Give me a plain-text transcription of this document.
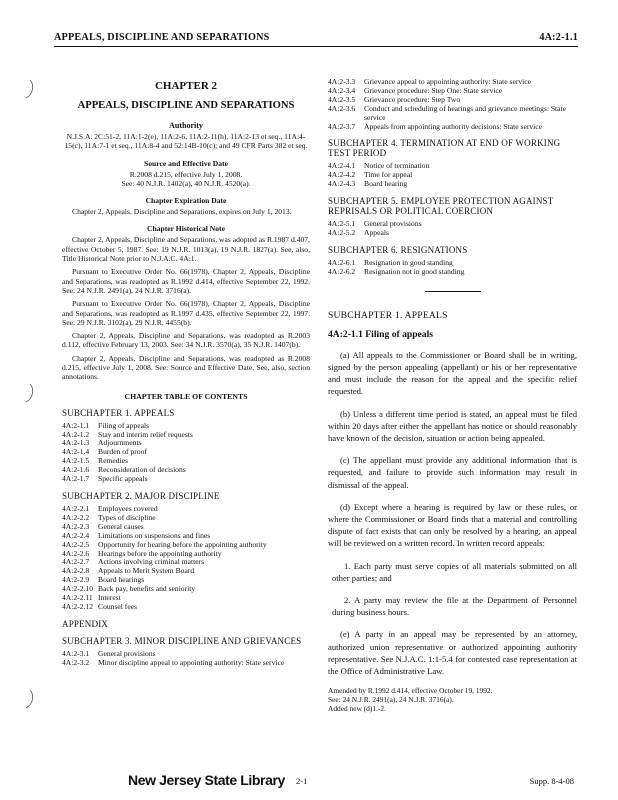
APPEALS, DISCIPLINE AND SEPARATIONS	4A:2-1.1
CHAPTER 2
APPEALS, DISCIPLINE AND SEPARATIONS
Authority
N.J.S.A. 2C:51-2, 11A:1-2(e), 11A:2-6, 11A:2-11(h), 11A:2-13 et seq., 11A:4-15(c), 11A:7-1 et seq., 11A:8-4 and 52:14B-10(c); and 49 CFR Parts 382 et seq.
Source and Effective Date
R.2008 d.215, effective July 1, 2008.
See: 40 N.J.R. 1402(a), 40 N.J.R. 4520(a).
Chapter Expiration Date
Chapter 2, Appeals, Discipline and Separations, expires on July 1, 2013.
Chapter Historical Note
Chapter 2, Appeals, Discipline and Separations, was adopted as R.1987 d.407, effective October 5, 1987. See: 19 N.J.R. 1013(a), 19 N.J.R. 1827(a). See, also, Title Historical Note prior to N.J.A.C. 4A:1.
Pursuant to Executive Order No. 66(1978), Chapter 2, Appeals, Discipline and Separations, was readopted as R.1992 d.414, effective September 22, 1992. See: 24 N.J.R. 2491(a), 24 N.J.R. 3716(a).
Pursuant to Executive Order No. 66(1978), Chapter 2, Appeals, Discipline and Separations, was readopted as R.1997 d.435, effective September 22, 1997. See: 29 N.J.R. 3102(a), 29 N.J.R. 4455(b).
Chapter 2, Appeals, Discipline and Separations, was readopted as R.2003 d.112, effective February 13, 2003. See: 34 N.J.R. 3570(a), 35 N.J.R. 1407(b).
Chapter 2, Appeals, Discipline and Separations, was readopted as R.2008 d.215, effective July 1, 2008. See: Source and Effective Date. See, also, section annotations.
CHAPTER TABLE OF CONTENTS
SUBCHAPTER 1. APPEALS
4A:2-1.1	Filing of appeals
4A:2-1.2	Stay and interim relief requests
4A:2-1.3	Adjournments
4A:2-1.4	Burden of proof
4A:2-1.5	Remedies
4A:2-1.6	Reconsideration of decisions
4A:2-1.7	Specific appeals
SUBCHAPTER 2. MAJOR DISCIPLINE
4A:2-2.1	Employees covered
4A:2-2.2	Types of discipline
4A:2-2.3	General causes
4A:2-2.4	Limitations on suspensions and fines
4A:2-2.5	Opportunity for hearing before the appointing authority
4A:2-2.6	Hearings before the appointing authority
4A:2-2.7	Actions involving criminal matters
4A:2-2.8	Appeals to Merit System Board
4A:2-2.9	Board hearings
4A:2-2.10 Back pay, benefits and seniority
4A:2-2.11 Interest
4A:2-2.12 Counsel fees
APPENDIX
SUBCHAPTER 3. MINOR DISCIPLINE AND GRIEVANCES
4A:2-3.1	General provisions
4A:2-3.2	Minor discipline appeal to appointing authority: State service
4A:2-3.3	Grievance appeal to appointing authority: State service
4A:2-3.4	Grievance procedure: Step One: State service
4A:2-3.5	Grievance procedure: Step Two
4A:2-3.6	Conduct and scheduling of hearings and grievance meetings: State service
4A:2-3.7	Appeals from appointing authority decisions: State service
SUBCHAPTER 4. TERMINATION AT END OF WORKING TEST PERIOD
4A:2-4.1	Notice of termination
4A:2-4.2	Time for appeal
4A:2-4.3	Board hearing
SUBCHAPTER 5. EMPLOYEE PROTECTION AGAINST REPRISALS OR POLITICAL COERCION
4A:2-5.1	General provisions
4A:2-5.2	Appeals
SUBCHAPTER 6. RESIGNATIONS
4A:2-6.1	Resignation in good standing
4A:2-6.2	Resignation not in good standing
SUBCHAPTER 1. APPEALS
4A:2-1.1 Filing of appeals
(a) All appeals to the Commissioner or Board shall be in writing, signed by the person appealing (appellant) or his or her representative and must include the reason for the appeal and the specific relief requested.
(b) Unless a different time period is stated, an appeal must be filed within 20 days after either the appellant has notice or should reasonably have known of the decision, situation or action being appealed.
(c) The appellant must provide any additional information that is requested, and failure to provide such information may result in dismissal of the appeal.
(d) Except where a hearing is required by law or these rules, or where the Commissioner or Board finds that a material and controlling dispute of fact exists that can only be resolved by a hearing, an appeal will be reviewed on a written record. In written record appeals:
1. Each party must serve copies of all materials submitted on all other parties; and
2. A party may review the file at the Department of Personnel during business hours.
(e) A party in an appeal may be represented by an attorney, authorized union representative or authorized appointing authority representative. See N.J.A.C. 1:1-5.4 for contested case representation at the Office of Administrative Law.
Amended by R.1992 d.414, effective October 19, 1992.
See: 24 N.J.R. 2491(a), 24 N.J.R. 3716(a).
Added new (d)1.-2.
New Jersey State Library 2-1	Supp. 8-4-08
